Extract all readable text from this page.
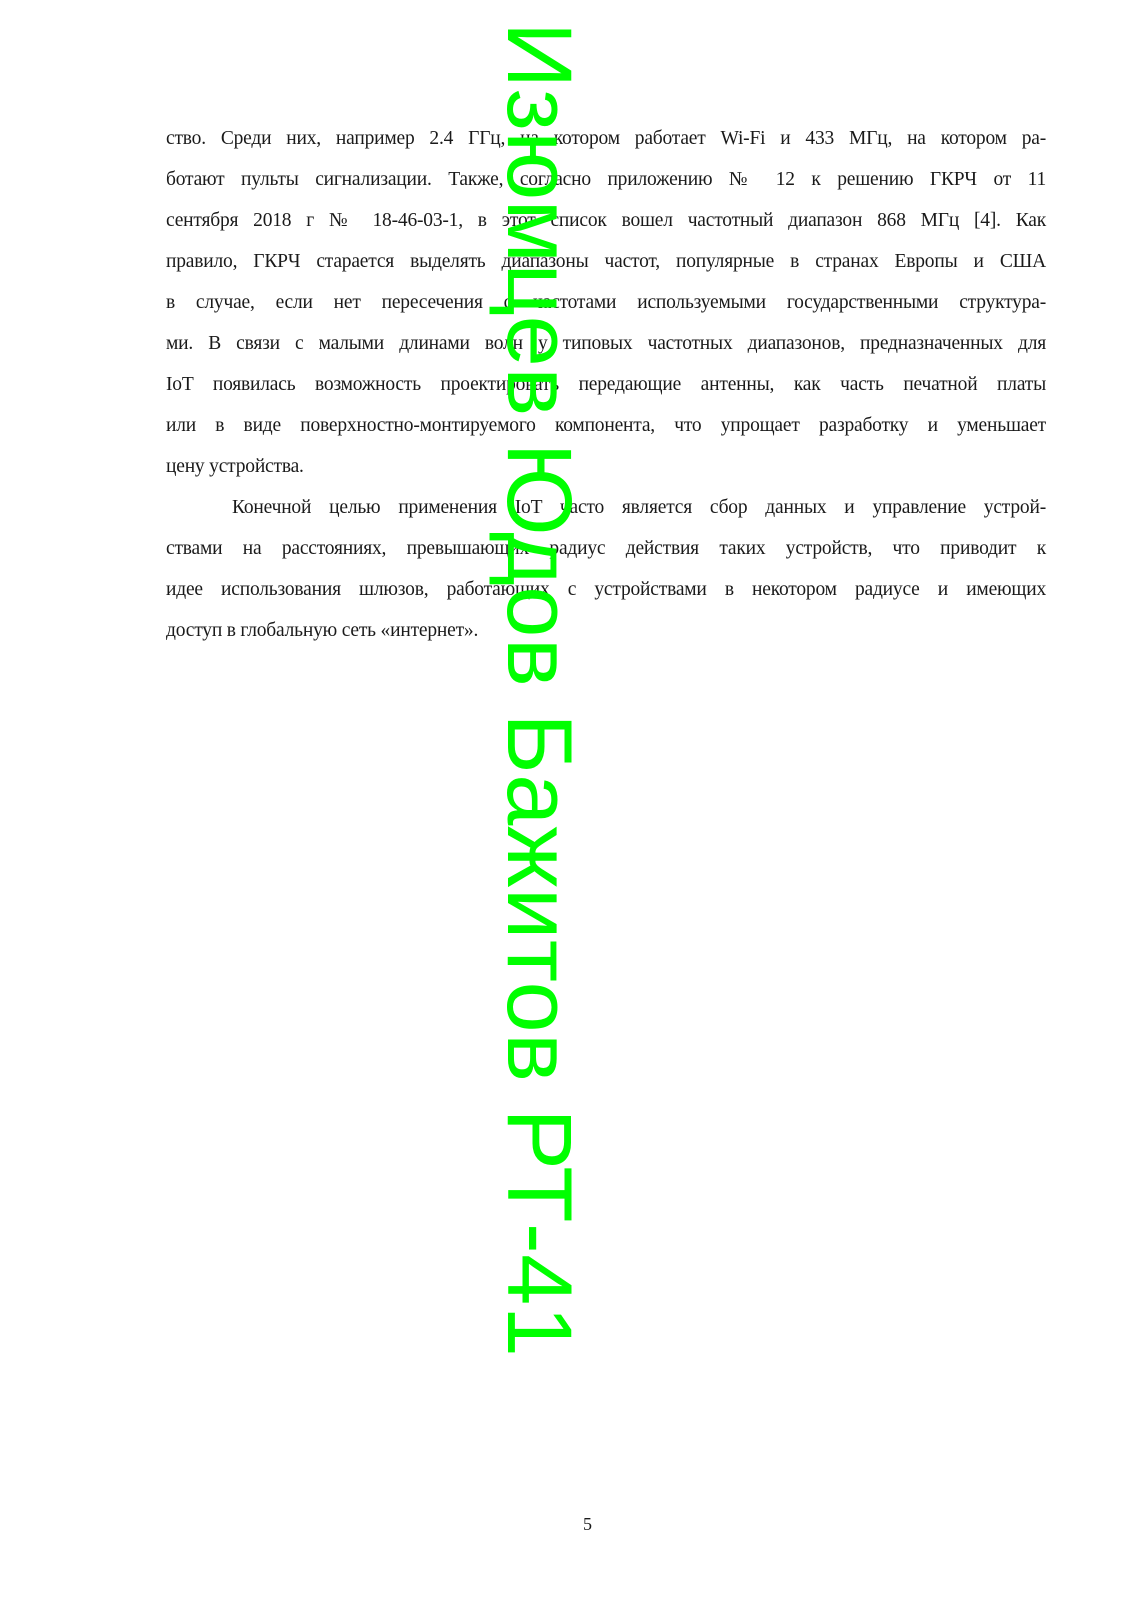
ство. Среди них, например 2.4 ГГц, на котором работает Wi-Fi и 433 МГц, на котором ра-

ботают пульты сигнализации. Также, согласно приложению № 12 к решению ГКРЧ от 11

сентября 2018 г № 18-46-03-1, в этот список вошел частотный диапазон 868 МГц [4]. Как

правило, ГКРЧ старается выделять диапазоны частот, популярные в странах Европы и США

в случае, если нет пересечения с частотами используемыми государственными структура-

ми. В связи с малыми длинами волн у типовых частотных диапазонов, предназначенных для

IoT появилась возможность проектировать передающие антенны, как часть печатной платы

или в виде поверхностно-монтируемого компонента, что упрощает разработку и уменьшает

цену устройства.

Конечной целью применения IoT часто является сбор данных и управление устрой-

ствами на расстояниях, превышающих радиус действия таких устройств, что приводит к

идее использования шлюзов, работающих с устройствами в некотором радиусе и имеющих

доступ в глобальную сеть «интернет». Изюмцев Юдов Бажитов РТ-41
5
